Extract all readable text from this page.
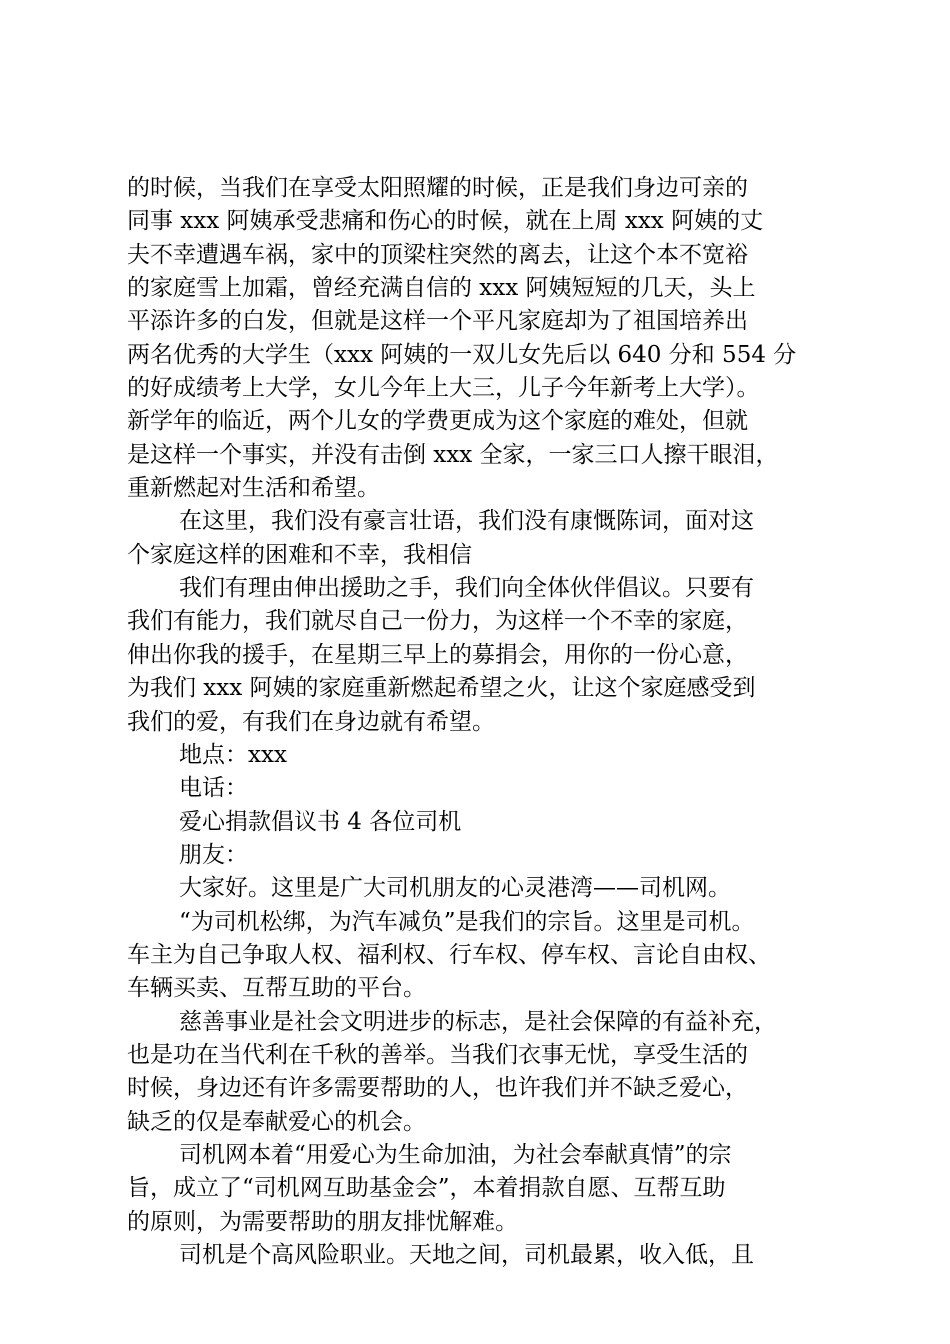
的时候，当我们在享受太阳照耀的时候，正是我们身边可亲的
同事 xxx 阿姨承受悲痛和伤心的时候，就在上周 xxx 阿姨的丈
夫不幸遭遇车祸，家中的顶梁柱突然的离去，让这个本不宽裕
的家庭雪上加霜，曾经充满自信的 xxx 阿姨短短的几天，头上
平添许多的白发，但就是这样一个平凡家庭却为了祖国培养出
两名优秀的大学生（xxx 阿姨的一双儿女先后以 640 分和 554 分
的好成绩考上大学，女儿今年上大三，儿子今年新考上大学）。
新学年的临近，两个儿女的学费更成为这个家庭的难处，但就
是这样一个事实，并没有击倒 xxx 全家，一家三口人擦干眼泪，
重新燃起对生活和希望。
在这里，我们没有豪言壮语，我们没有康慨陈词，面对这
个家庭这样的困难和不幸，我相信
我们有理由伸出援助之手，我们向全体伙伴倡议。只要有
我们有能力，我们就尽自己一份力，为这样一个不幸的家庭，
伸出你我的援手，在星期三早上的募捐会，用你的一份心意，
为我们 xxx 阿姨的家庭重新燃起希望之火，让这个家庭感受到
我们的爱，有我们在身边就有希望。
地点：xxx
电话：
爱心捐款倡议书 4 各位司机
朋友：
大家好。这里是广大司机朋友的心灵港湾——司机网。
“为司机松绑，为汽车减负”是我们的宗旨。这里是司机。
车主为自己争取人权、福利权、行车权、停车权、言论自由权、
车辆买卖、互帮互助的平台。
慈善事业是社会文明进步的标志，是社会保障的有益补充，
也是功在当代利在千秋的善举。当我们衣事无忧，享受生活的
时候，身边还有许多需要帮助的人，也许我们并不缺乏爱心，
缺乏的仅是奉献爱心的机会。
司机网本着“用爱心为生命加油，为社会奉献真情”的宗
旨，成立了“司机网互助基金会”，本着捐款自愿、互帮互助
的原则，为需要帮助的朋友排忧解难。
司机是个高风险职业。天地之间，司机最累，收入低，且
